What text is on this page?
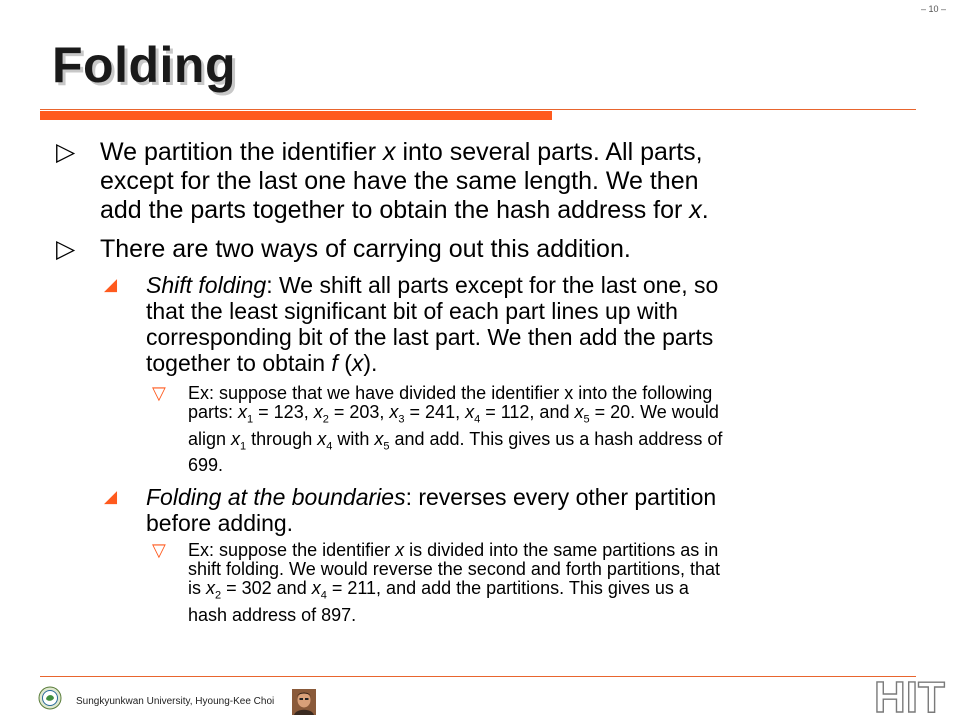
– 10 –
Folding
▷ We partition the identifier x into several parts. All parts,
except for the last one have the same length. We then
add the parts together to obtain the hash address for x.
▷ There are two ways of carrying out this addition.
◢ Shift folding: We shift all parts except for the last one, so
that the least significant bit of each part lines up with
corresponding bit of the last part. We then add the parts
together to obtain f (x).
▽ Ex: suppose that we have divided the identifier x into the following
parts: $x_1 = 123$, $x_2 = 203$, $x_3 = 241$, $x_4 = 112$, and $x_5 = 20$. We would
align $x_1$ through $x_4$ with $x_5$ and add. This gives us a hash address of
699.
◢ Folding at the boundaries: reverses every other partition
before adding.
▽ Ex: suppose the identifier x is divided into the same partitions as in
shift folding. We would reverse the second and forth partitions, that
is $x_2 = 302$ and $x_4 = 211$, and add the partitions. This gives us a
hash address of 897.
Sungkyunkwan University, Hyoung-Kee Choi	HIT
